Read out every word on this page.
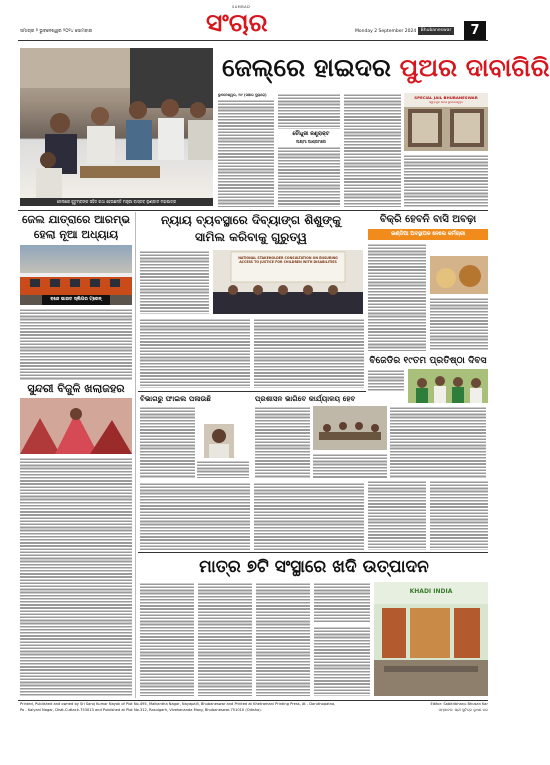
ସମାଚାର ୨ ଭୁବନେଶ୍ୱର ୨୦୨୪ ସୋମବାର
SAMBAD
ସଂଚାର	Monday 2 September 2024 Bhubaneswar	7
ଜେଲରେ କୁଟୁମ୍ବଙ୍କ ସହିତ କଥା ହେଉଛନ୍ତି ମନ୍ତ୍ରୀ ବାସ୍ତବ ଲୁଣ୍ଡାଳ ମହାପାତ୍ର
ଜେଲ୍‌ରେ ହାଇଦର ପୁଅର ଦାବାଗିରି
ଭୁବନେଶ୍ୱର, ୧ା୯ (ସଞ୍ଚାର ବ୍ୟୁରୋ)
ଚୌଧୁରୀ କଣ୍ଟ୍ରାକ୍ଟ
ଲକ୍ଷ୍ମୀ ଆଶ୍ରମରେ
SPECIAL JAIL BHUBANESWAR
ସ୍ୱତନ୍ତ୍ର ଜେଲ ଭୁବନେଶ୍ୱର
ଜେଲ ଯାତ୍ରାରେ ଆରମ୍ଭ
ହେଲା ନୂଆ ଅଧ୍ୟାୟ
ବନ୍ଦେ ଭାରତ ସ୍ଲିପର ଟ୍ରେନ୍
ସୁନ୍ଦରୀ ବିଜୁଳି ଖଲାଜହର
ନ୍ୟାୟ ବ୍ୟବସ୍ଥାରେ ଦିବ୍ୟାଙ୍ଗ ଶିଶୁଙ୍କୁ
ସାମିଲ କରିବାକୁ ଗୁରୁତ୍ୱ
NATIONAL STAKEHOLDER CONSULTATION ON ENSURING ACCESS TO JUSTICE FOR CHILDREN WITH DISABILITIES
ବିଭାଗରୁ ଫାଇଲ ପଳାଉଛି	ପ୍ରଶାସନ ଭାଗିବେ କାର୍ଯ୍ୟାଳୟ ହେବ
ବିକ୍ରି ହେବନି ବାସି ଅବଢ଼ା
ଇଣ୍ଡିଆ ଅବସ୍ଥାପକ ନେଲେ କର୍ମଚାରୀ
ବିଜେଡିର ୧୯ତମ ପ୍ରତିଷ୍ଠା ଦିବସ
ମାତ୍ର ୭ଟି ସଂସ୍ଥାରେ ଖଦି ଉତ୍ପାଦନ
KHADI INDIA
Printed, Published and owned by Sri Saroj Kumar Nayak of Plot No.495, Malkantha Nagar, Nayapalli, Bhubaneswar and Printed at Khetramani Printing Press, At - Daruthopatna,
Po - Kalyani Nagar, Distt-Cuttack-753013 and Published at Plot No.312, Rasulgarh, Vivekananda Marg, Bhubaneswar-751010 (Odisha).
Editor: Sabitribhanu Bhusan Kar
ସମ୍ପାଦକ: ଶ୍ରୀ ସୁଚିତ୍ର ଭୂଷଣ କର
